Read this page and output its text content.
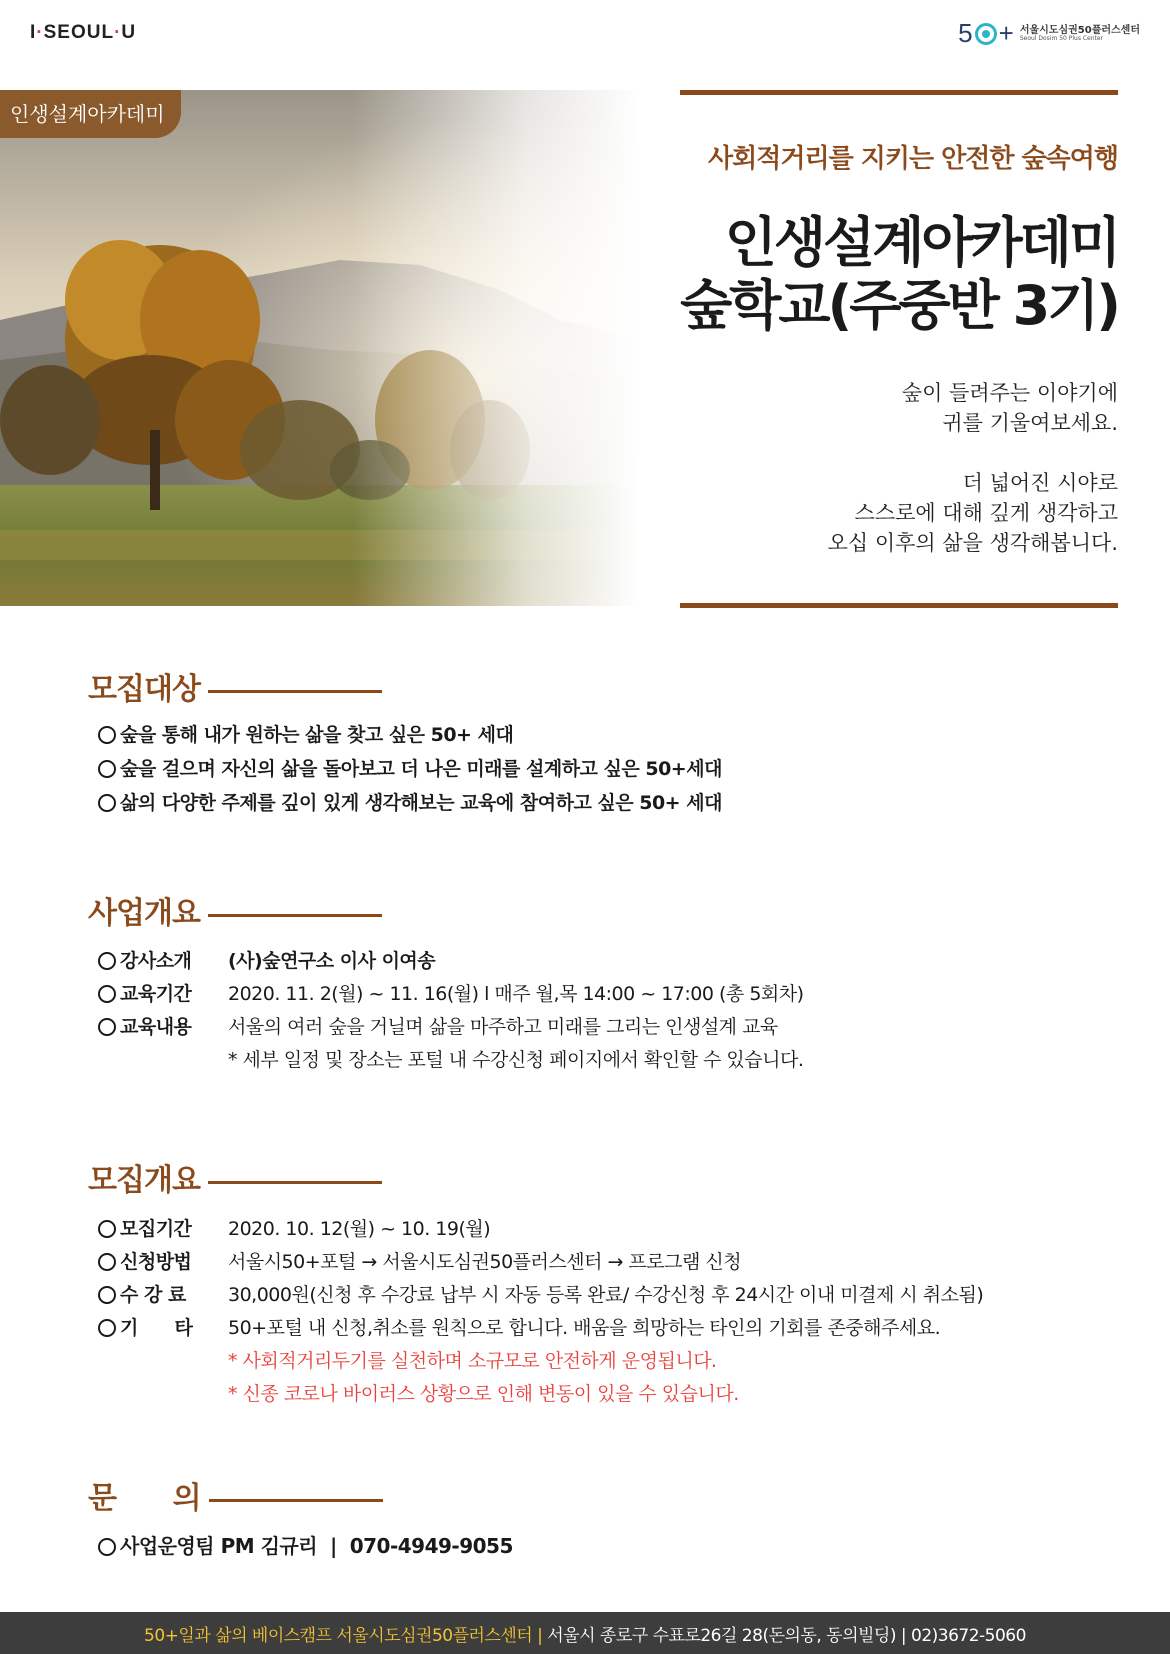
I·SEOUL·U	5 + 서울시도심권50플러스센터
Seoul Dosim 50 Plus Center
인생설계아카데미
사회적거리를 지키는 안전한 숲속여행
인생설계아카데미
숲학교(주중반 3기)

숲이 들려주는 이야기에
귀를 기울여보세요.

더 넓어진 시야로
스스로에 대해 깊게 생각하고
오십 이후의 삶을 생각해봅니다.

모집대상
숲을 통해 내가 원하는 삶을 찾고 싶은 50+ 세대
숲을 걸으며 자신의 삶을 돌아보고 더 나은 미래를 설계하고 싶은 50+세대
삶의 다양한 주제를 깊이 있게 생각해보는 교육에 참여하고 싶은 50+ 세대
사업개요
강사소개	(사)숲연구소 이사 이여송
교육기간	2020. 11. 2(월) ~ 11. 16(월) l 매주 월,목 14:00 ~ 17:00 (총 5회차)
교육내용	서울의 여러 숲을 거닐며 삶을 마주하고 미래를 그리는 인생설계 교육
* 세부 일정 및 장소는 포털 내 수강신청 페이지에서 확인할 수 있습니다.
모집개요
모집기간	2020. 10. 12(월) ~ 10. 19(월)
신청방법	서울시50+포털 → 서울시도심권50플러스센터 → 프로그램 신청
수 강 료	30,000원(신청 후 수강료 납부 시 자동 등록 완료/ 수강신청 후 24시간 이내 미결제 시 취소됨)
기      타	50+포털 내 신청,취소를 원칙으로 합니다. 배움을 희망하는 타인의 기회를 존중해주세요.
* 사회적거리두기를 실천하며 소규모로 안전하게 운영됩니다.
* 신종 코로나 바이러스 상황으로 인해 변동이 있을 수 있습니다.
문      의
사업운영팀 PM 김규리  |  070-4949-9055
50+일과 삶의 베이스캠프 서울시도심권50플러스센터 | 서울시 종로구 수표로26길 28(돈의동, 동의빌딩) | 02)3672-5060
